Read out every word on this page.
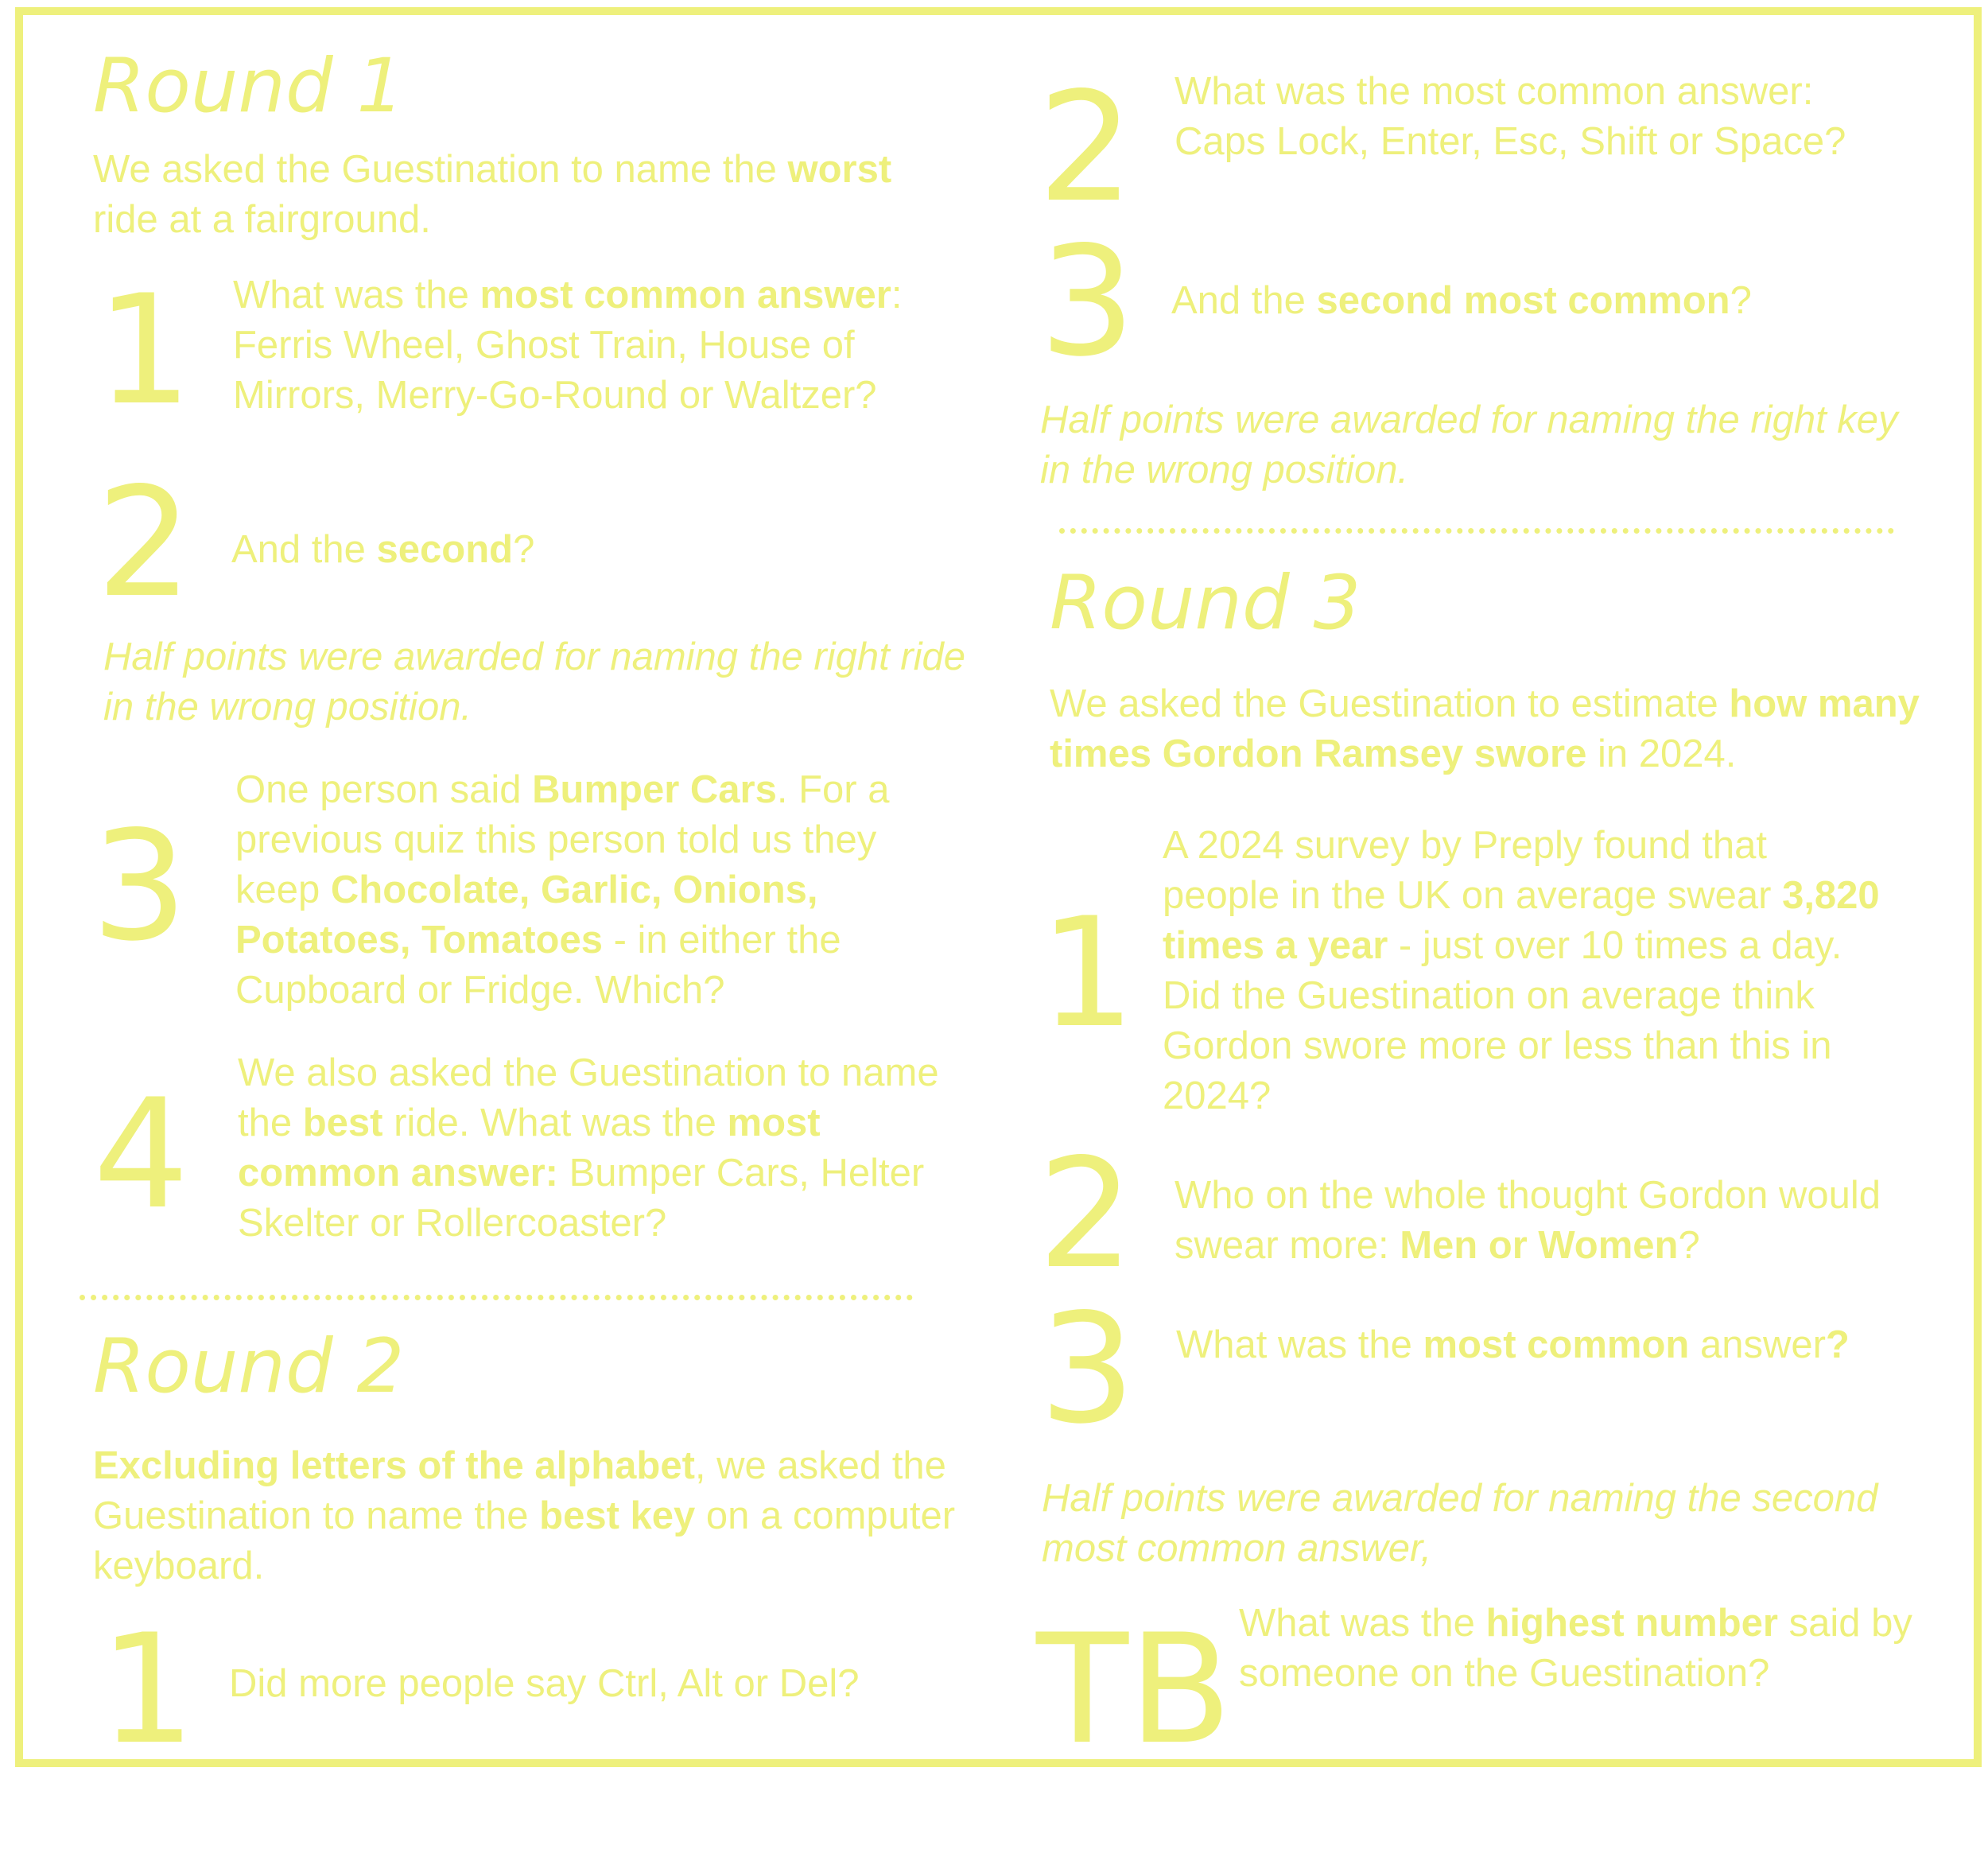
Round 1
We asked the Guestination to name the worst ride at a fairground.
1 What was the most common answer: Ferris Wheel, Ghost Train, House of Mirrors, Merry-Go-Round or Waltzer?
2 And the second?
Half points were awarded for naming the right ride in the wrong position.
3
One person said Bumper Cars. For a previous quiz this person told us they keep Chocolate, Garlic, Onions, Potatoes, Tomatoes - in either the Cupboard or Fridge. Which?
4 We also asked the Guestination to name the best ride. What was the most common answer: Bumper Cars, Helter Skelter or Rollercoaster?
Round 2
Excluding letters of the alphabet, we asked the Guestination to name the best key on a computer keyboard.
1 Did more people say Ctrl, Alt or Del?
2 What was the most common answer: Caps Lock, Enter, Esc, Shift or Space?
3 And the second most common?
Half points were awarded for naming the right key in the wrong position.
Round 3
We asked the Guestination to estimate how many times Gordon Ramsey swore in 2024.
1
A 2024 survey by Preply found that people in the UK on average swear 3,820 times a year - just over 10 times a day. Did the Guestination on average think Gordon swore more or less than this in 2024?
2 Who on the whole thought Gordon would swear more: Men or Women?
3 What was the most common answer?
Half points were awarded for naming the second most common answer,
TB What was the highest number said by someone on the Guestination?
